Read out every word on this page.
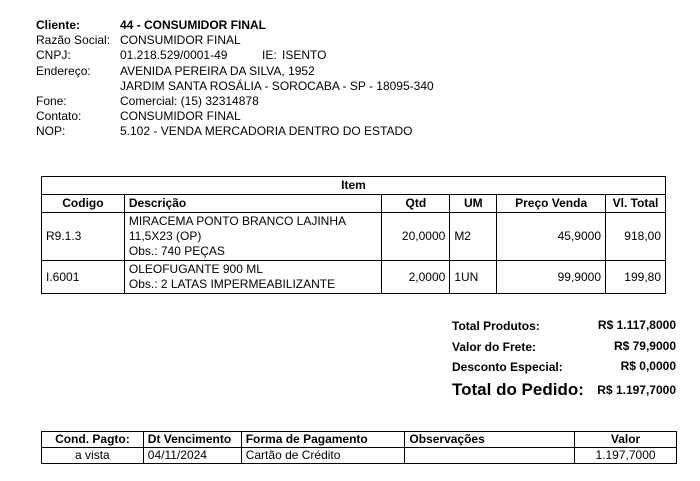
Cliente:	44 - CONSUMIDOR FINAL
Razão Social: CONSUMIDOR FINAL
CNPJ:	01.218.529/0001-49	IE: ISENTO
Endereço: AVENIDA PEREIRA DA SILVA, 1952
JARDIM SANTA ROSÁLIA - SOROCABA - SP - 18095-340
Fone:	Comercial: (15) 32314878
Contato:	CONSUMIDOR FINAL
NOP:	5.102 - VENDA MERCADORIA DENTRO DO ESTADO
Item					
Codigo	Descrição	Qtd	UM	Preço Venda	Vl. Total
R9.1.3	MIRACEMA PONTO BRANCO LAJINHA
11,5X23 (OP)
Obs.: 740 PEÇAS	20,0000	M2	45,9000	918,00
I.6001	OLEOFUGANTE 900 ML
Obs.: 2 LATAS IMPERMEABILIZANTE	2,0000	1UN	99,9000	199,80
Total Produtos:	R$ 1.117,8000
Valor do Frete:	R$ 79,9000
Desconto Especial:	R$ 0,0000
Total do Pedido: R$ 1.197,7000
Cond. Pagto:	Dt Vencimento	Forma de Pagamento	Observações	Valor
a vista	04/11/2024	Cartão de Crédito		1.197,7000
